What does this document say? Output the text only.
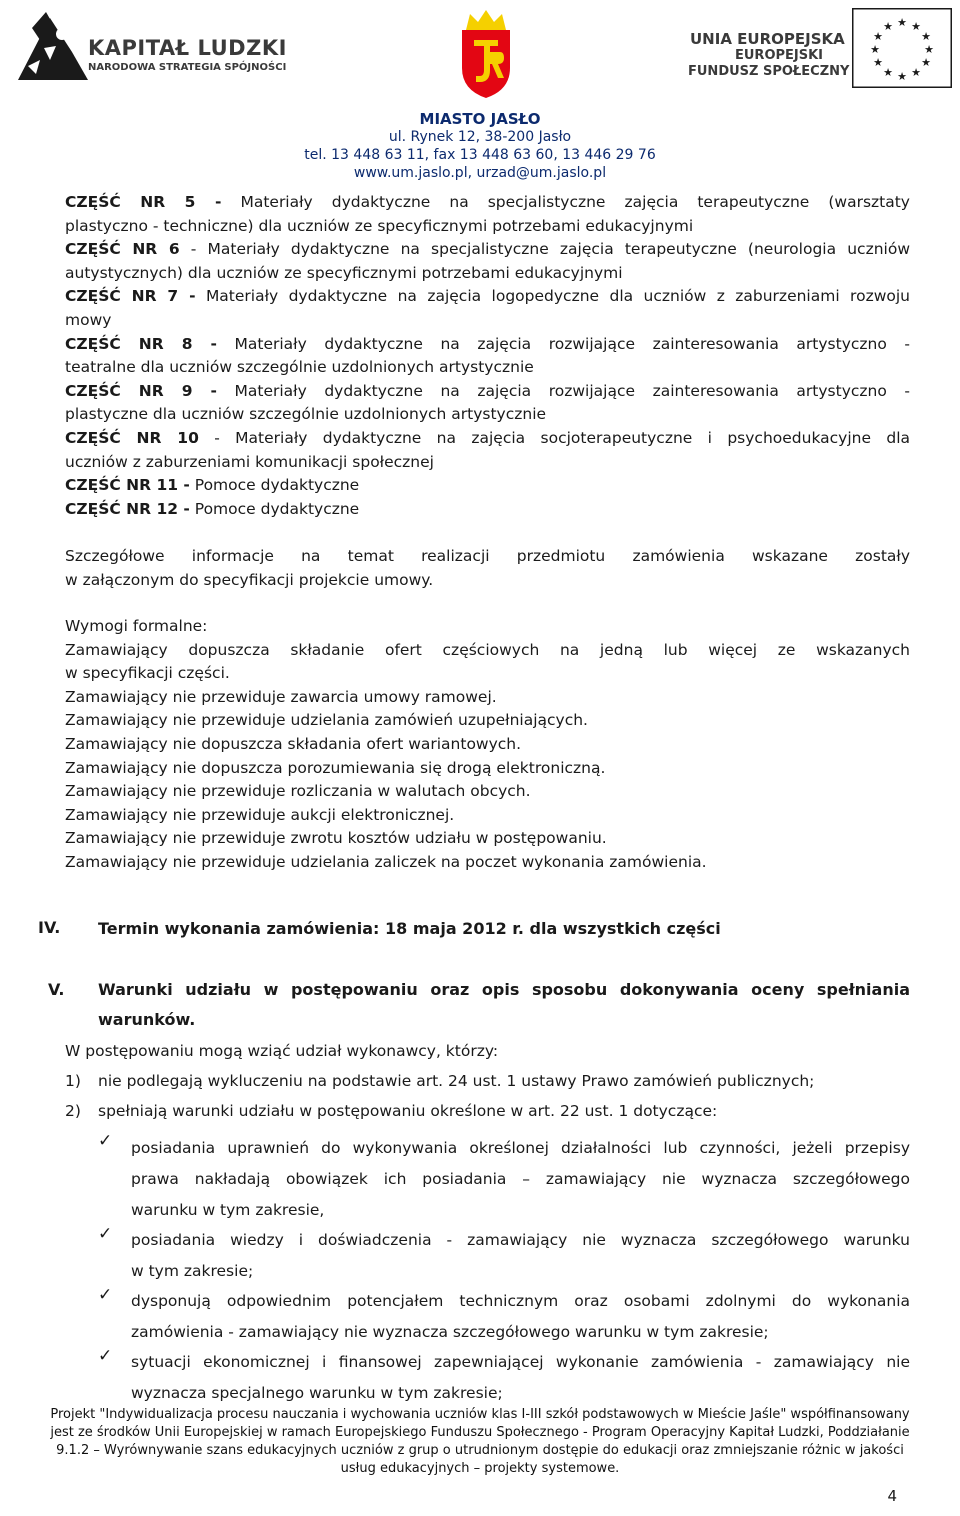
KAPITAŁ LUDZKI
NARODOWA STRATEGIA SPÓJNOŚCI
UNIA EUROPEJSKA
EUROPEJSKI
FUNDUSZ SPOŁECZNY
★ ★
★
★
★
★
★
★
★
★
★
★
MIASTO JASŁO
ul. Rynek 12, 38-200 Jasło
tel. 13 448 63 11, fax 13 448 63 60, 13 446 29 76
www.um.jaslo.pl, urzad@um.jaslo.pl
CZĘŚĆ NR 5 - Materiały dydaktyczne na specjalistyczne zajęcia terapeutyczne (warsztaty
plastyczno - techniczne) dla uczniów ze specyficznymi potrzebami edukacyjnymi
CZĘŚĆ NR 6 - Materiały dydaktyczne na specjalistyczne zajęcia terapeutyczne (neurologia uczniów
autystycznych) dla uczniów ze specyficznymi potrzebami edukacyjnymi
CZĘŚĆ NR 7 - Materiały dydaktyczne na zajęcia logopedyczne dla uczniów z zaburzeniami rozwoju
mowy
CZĘŚĆ NR 8 - Materiały dydaktyczne na zajęcia rozwijające zainteresowania artystyczno -
teatralne dla uczniów szczególnie uzdolnionych artystycznie
CZĘŚĆ NR 9 - Materiały dydaktyczne na zajęcia rozwijające zainteresowania artystyczno -
plastyczne dla uczniów szczególnie uzdolnionych artystycznie
CZĘŚĆ NR 10 - Materiały dydaktyczne na zajęcia socjoterapeutyczne i psychoedukacyjne dla
uczniów z zaburzeniami komunikacji społecznej
CZĘŚĆ NR 11 - Pomoce dydaktyczne
CZĘŚĆ NR 12 - Pomoce dydaktyczne
Szczegółowe informacje na temat realizacji przedmiotu zamówienia wskazane zostały
w załączonym do specyfikacji projekcie umowy.
Wymogi formalne:
Zamawiający dopuszcza składanie ofert częściowych na jedną lub więcej ze wskazanych
w specyfikacji części.
Zamawiający nie przewiduje zawarcia umowy ramowej.
Zamawiający nie przewiduje udzielania zamówień uzupełniających.
Zamawiający nie dopuszcza składania ofert wariantowych.
Zamawiający nie dopuszcza porozumiewania się drogą elektroniczną.
Zamawiający nie przewiduje rozliczania w walutach obcych.
Zamawiający nie przewiduje aukcji elektronicznej.
Zamawiający nie przewiduje zwrotu kosztów udziału w postępowaniu.
Zamawiający nie przewiduje udzielania zaliczek na poczet wykonania zamówienia.
IV. Termin wykonania zamówienia: 18 maja 2012 r. dla wszystkich części
V. Warunki udziału w postępowaniu oraz opis sposobu dokonywania oceny spełniania
warunków.
W postępowaniu mogą wziąć udział wykonawcy, którzy:
1) nie podlegają wykluczeniu na podstawie art. 24 ust. 1 ustawy Prawo zamówień publicznych;
2) spełniają warunki udziału w postępowaniu określone w art. 22 ust. 1 dotyczące:
✓ posiadania uprawnień do wykonywania określonej działalności lub czynności, jeżeli przepisy
prawa nakładają obowiązek ich posiadania – zamawiający nie wyznacza szczegółowego
warunku w tym zakresie,
✓ posiadania wiedzy i doświadczenia - zamawiający nie wyznacza szczegółowego warunku
w tym zakresie;
✓ dysponują odpowiednim potencjałem technicznym oraz osobami zdolnymi do wykonania
zamówienia - zamawiający nie wyznacza szczegółowego warunku w tym zakresie;
✓ sytuacji ekonomicznej i finansowej zapewniającej wykonanie zamówienia - zamawiający nie
wyznacza specjalnego warunku w tym zakresie;
Projekt "Indywidualizacja procesu nauczania i wychowania uczniów klas I-III szkół podstawowych w Mieście Jaśle" współfinansowany
jest ze środków Unii Europejskiej w ramach Europejskiego Funduszu Społecznego - Program Operacyjny Kapitał Ludzki, Poddziałanie
9.1.2 – Wyrównywanie szans edukacyjnych uczniów z grup o utrudnionym dostępie do edukacji oraz zmniejszanie różnic w jakości
usług edukacyjnych – projekty systemowe.
4
